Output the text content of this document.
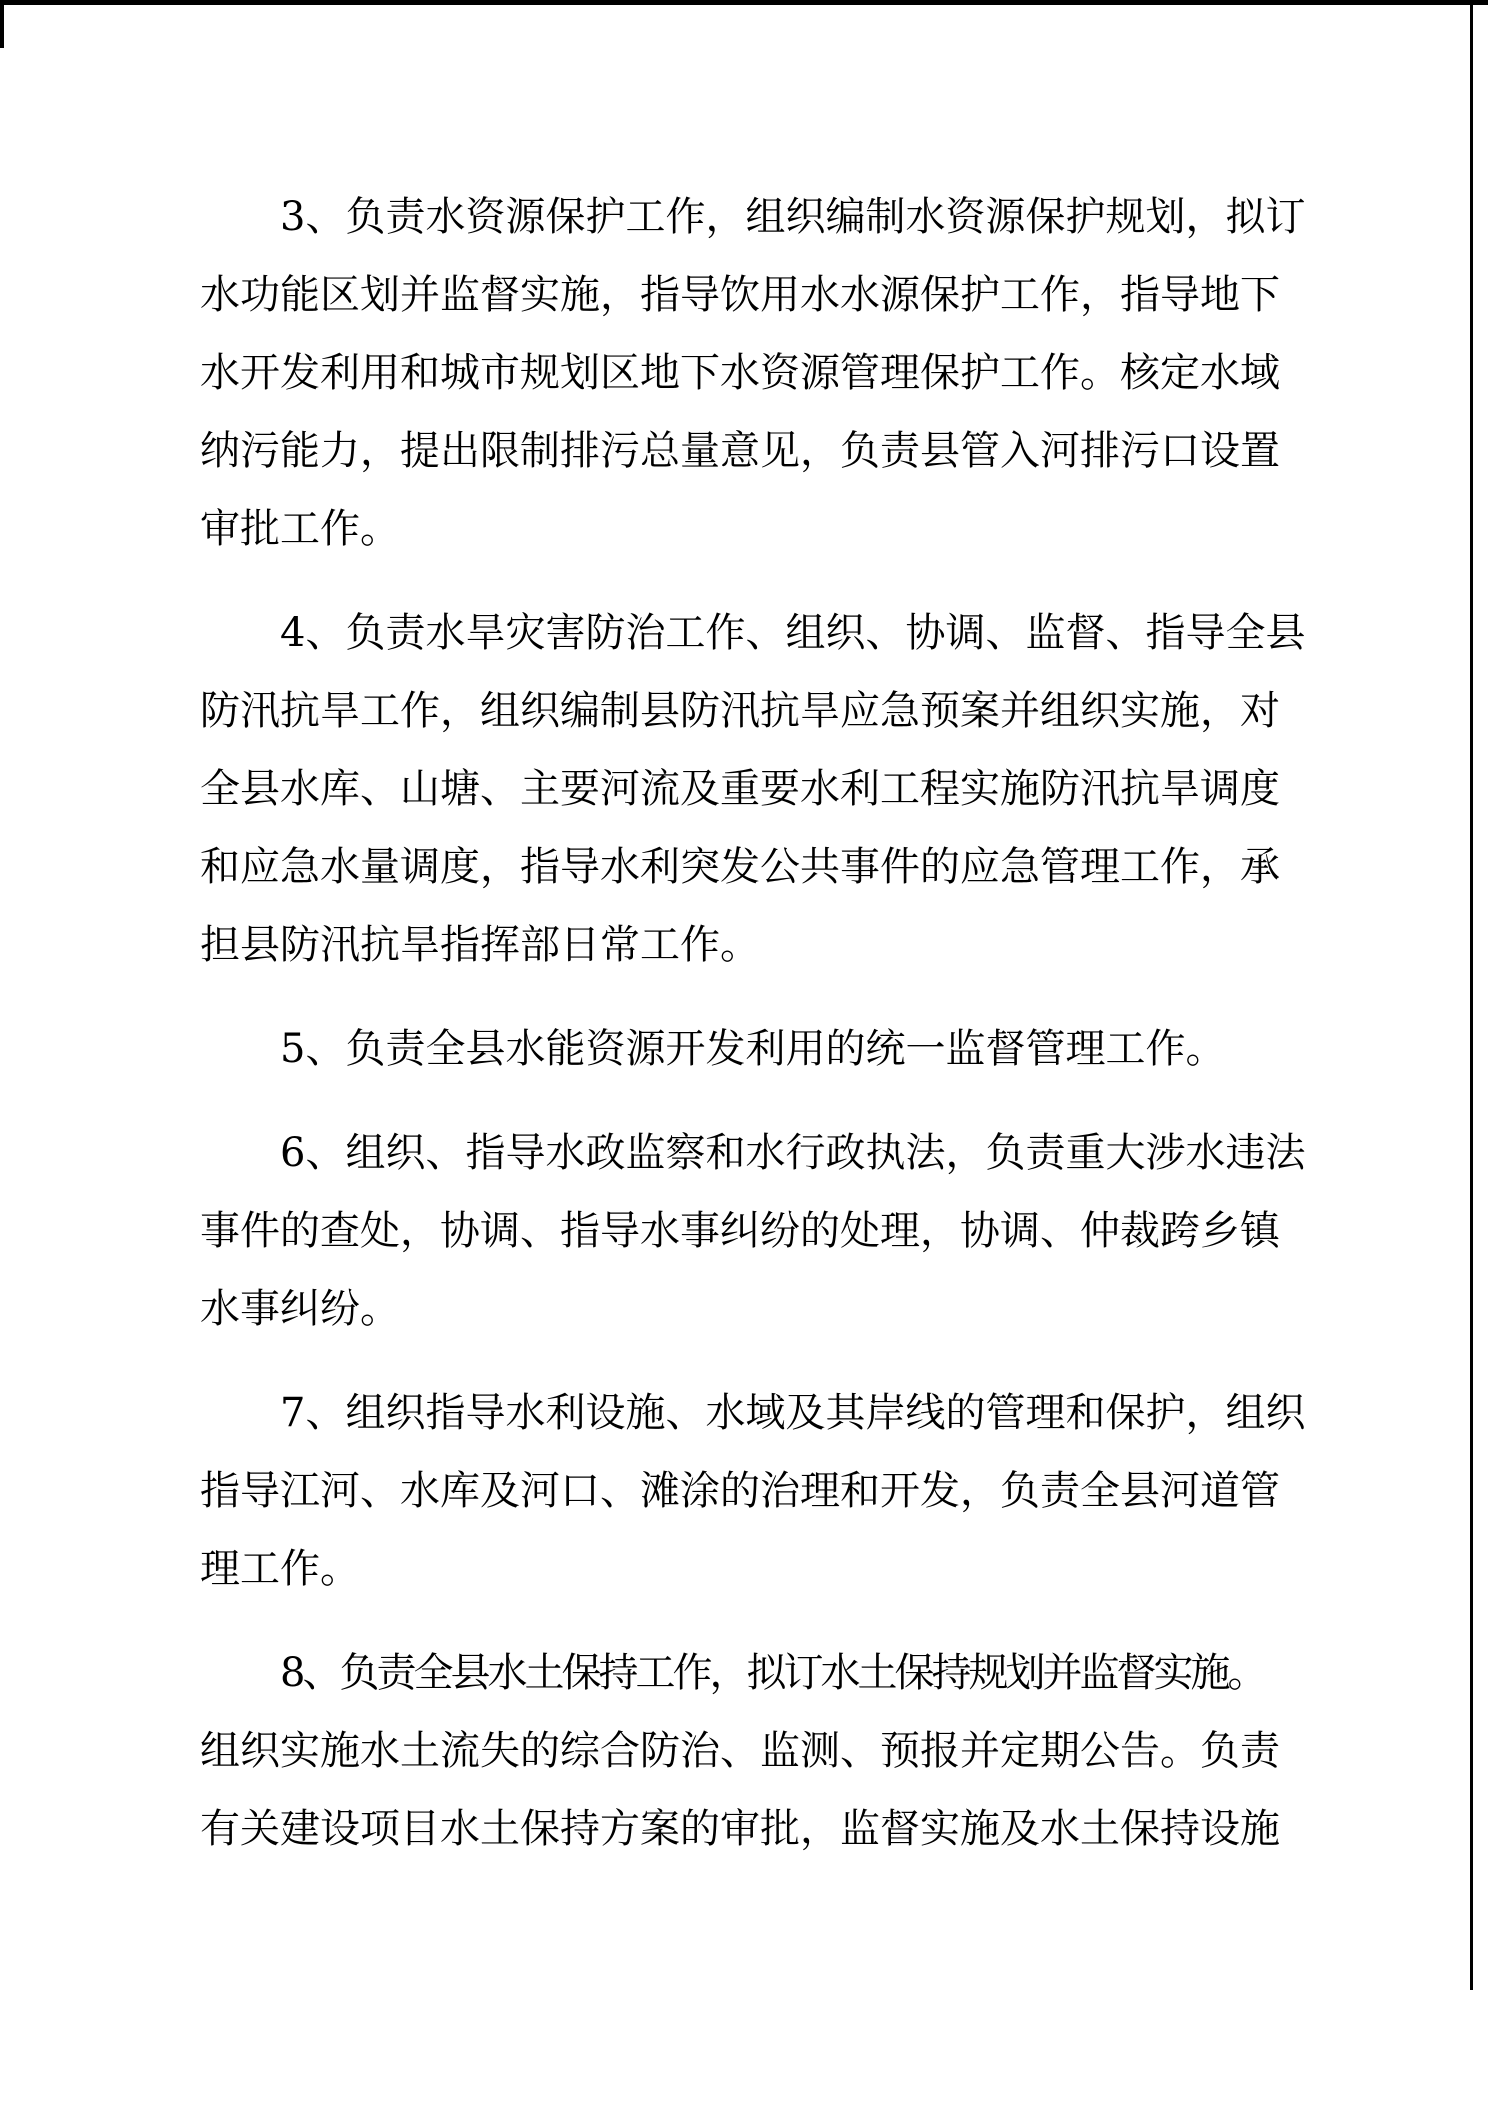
3、负责水资源保护工作，组织编制水资源保护规划，拟订
水功能区划并监督实施，指导饮用水水源保护工作，指导地下
水开发利用和城市规划区地下水资源管理保护工作。核定水域
纳污能力，提出限制排污总量意见，负责县管入河排污口设置
审批工作。
4、负责水旱灾害防治工作、组织、协调、监督、指导全县
防汛抗旱工作，组织编制县防汛抗旱应急预案并组织实施，对
全县水库、山塘、主要河流及重要水利工程实施防汛抗旱调度
和应急水量调度，指导水利突发公共事件的应急管理工作，承
担县防汛抗旱指挥部日常工作。
5、负责全县水能资源开发利用的统一监督管理工作。
6、组织、指导水政监察和水行政执法，负责重大涉水违法
事件的查处，协调、指导水事纠纷的处理，协调、仲裁跨乡镇
水事纠纷。
7、组织指导水利设施、水域及其岸线的管理和保护，组织
指导江河、水库及河口、滩涂的治理和开发，负责全县河道管
理工作。
8、负责全县水土保持工作，拟订水土保持规划并监督实施。
组织实施水土流失的综合防治、监测、预报并定期公告。负责
有关建设项目水土保持方案的审批，监督实施及水土保持设施
